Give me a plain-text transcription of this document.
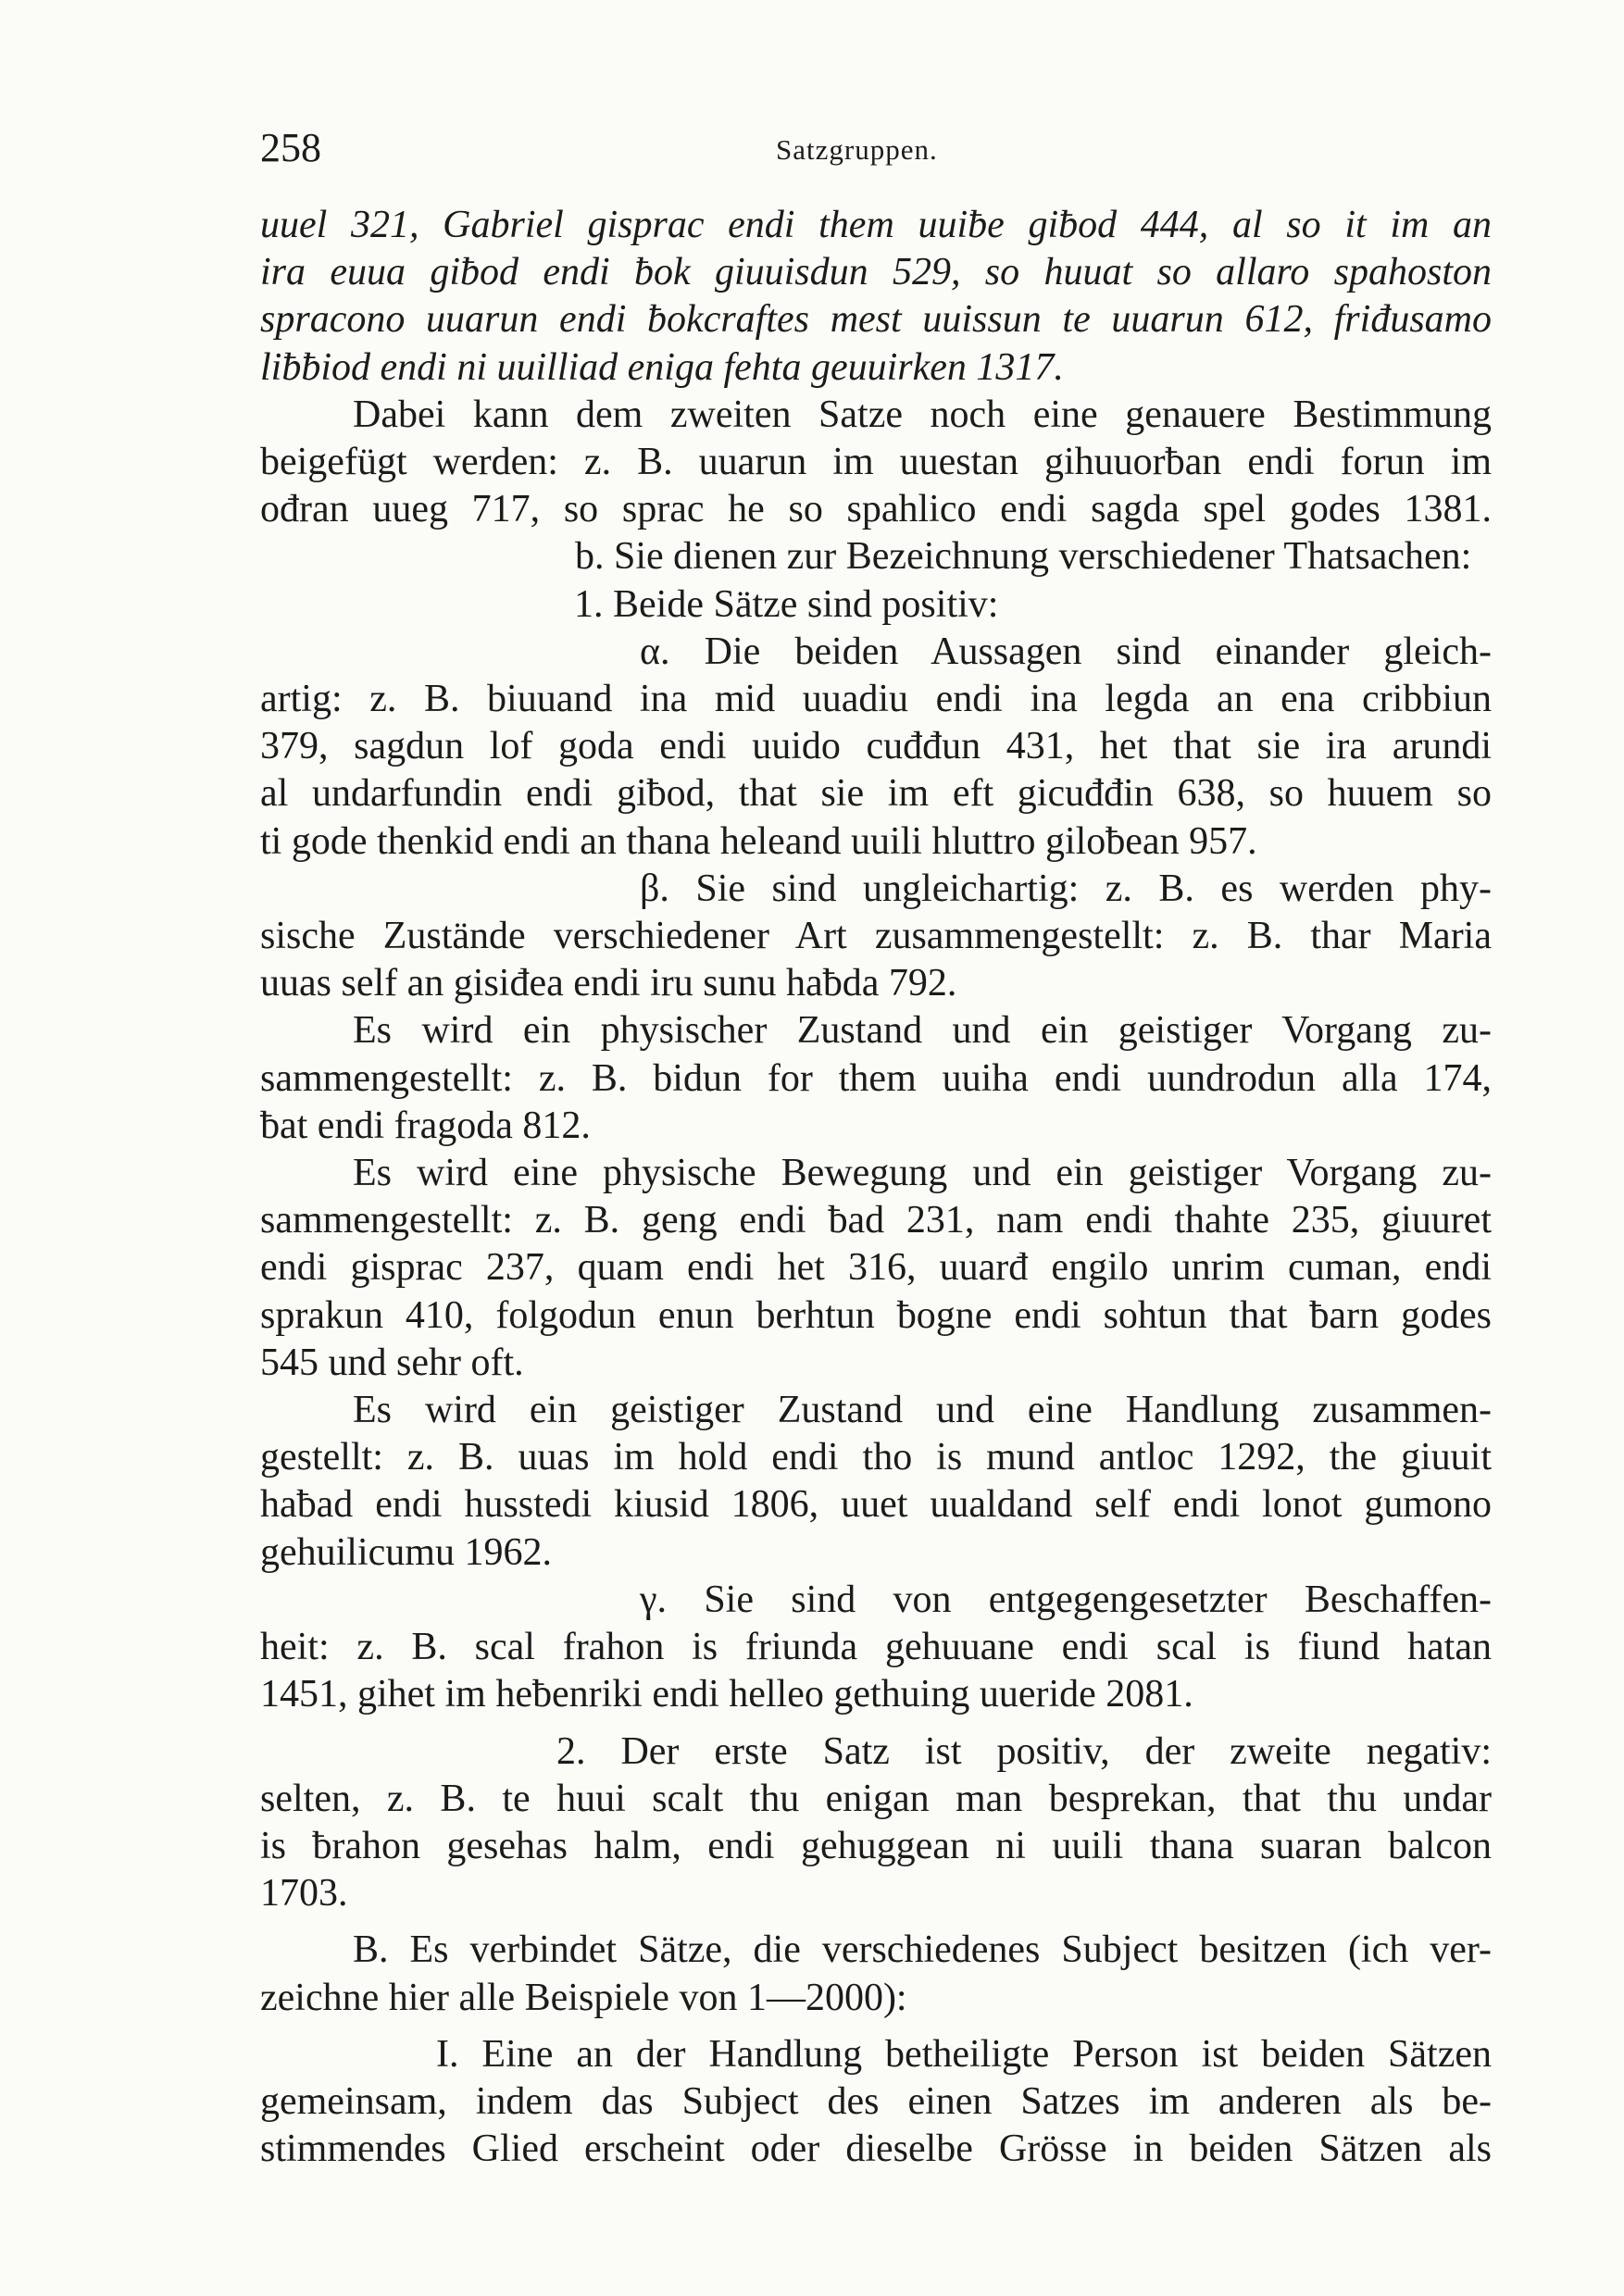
258	Satzgruppen.
uuel 321, Gabriel gisprac endi them uuiƀe giƀod 444, al so it im an
ira euua giƀod endi ƀok giuuisdun 529, so huuat so allaro spahoston
spracono uuarun endi ƀokcraftes mest uuissun te uuarun 612, friđusamo
liƀƀiod endi ni uuilliad eniga fehta geuuirken 1317.
Dabei kann dem zweiten Satze noch eine genauere Bestimmung
beigefügt werden: z. B. uuarun im uuestan gihuuorƀan endi forun im
ođran uueg 717, so sprac he so spahlico endi sagda spel godes 1381.
b. Sie dienen zur Bezeichnung verschiedener Thatsachen:
1. Beide Sätze sind positiv:
α. Die beiden Aussagen sind einander gleich-
artig: z. B. biuuand ina mid uuadiu endi ina legda an ena cribbiun
379, sagdun lof goda endi uuido cuđđun 431, het that sie ira arundi
al undarfundin endi giƀod, that sie im eft gicuđđin 638, so huuem so
ti gode thenkid endi an thana heleand uuili hluttro giloƀean 957.
β. Sie sind ungleichartig: z. B. es werden phy-
sische Zustände verschiedener Art zusammengestellt: z. B. thar Maria
uuas self an gisiđea endi iru sunu haƀda 792.
Es wird ein physischer Zustand und ein geistiger Vorgang zu-
sammengestellt: z. B. bidun for them uuiha endi uundrodun alla 174,
ƀat endi fragoda 812.
Es wird eine physische Bewegung und ein geistiger Vorgang zu-
sammengestellt: z. B. geng endi ƀad 231, nam endi thahte 235, giuuret
endi gisprac 237, quam endi het 316, uuarđ engilo unrim cuman, endi
sprakun 410, folgodun enun berhtun ƀogne endi sohtun that ƀarn godes
545 und sehr oft.
Es wird ein geistiger Zustand und eine Handlung zusammen-
gestellt: z. B. uuas im hold endi tho is mund antloc 1292, the giuuit
haƀad endi husstedi kiusid 1806, uuet uualdand self endi lonot gumono
gehuilicumu 1962.
γ. Sie sind von entgegengesetzter Beschaffen-
heit: z. B. scal frahon is friunda gehuuane endi scal is fiund hatan
1451, gihet im heƀenriki endi helleo gethuing uueride 2081.
2. Der erste Satz ist positiv, der zweite negativ:
selten, z. B. te huui scalt thu enigan man besprekan, that thu undar
is ƀrahon gesehas halm, endi gehuggean ni uuili thana suaran balcon
1703.
B. Es verbindet Sätze, die verschiedenes Subject besitzen (ich ver-
zeichne hier alle Beispiele von 1—2000):
I. Eine an der Handlung betheiligte Person ist beiden Sätzen
gemeinsam, indem das Subject des einen Satzes im anderen als be-
stimmendes Glied erscheint oder dieselbe Grösse in beiden Sätzen als
